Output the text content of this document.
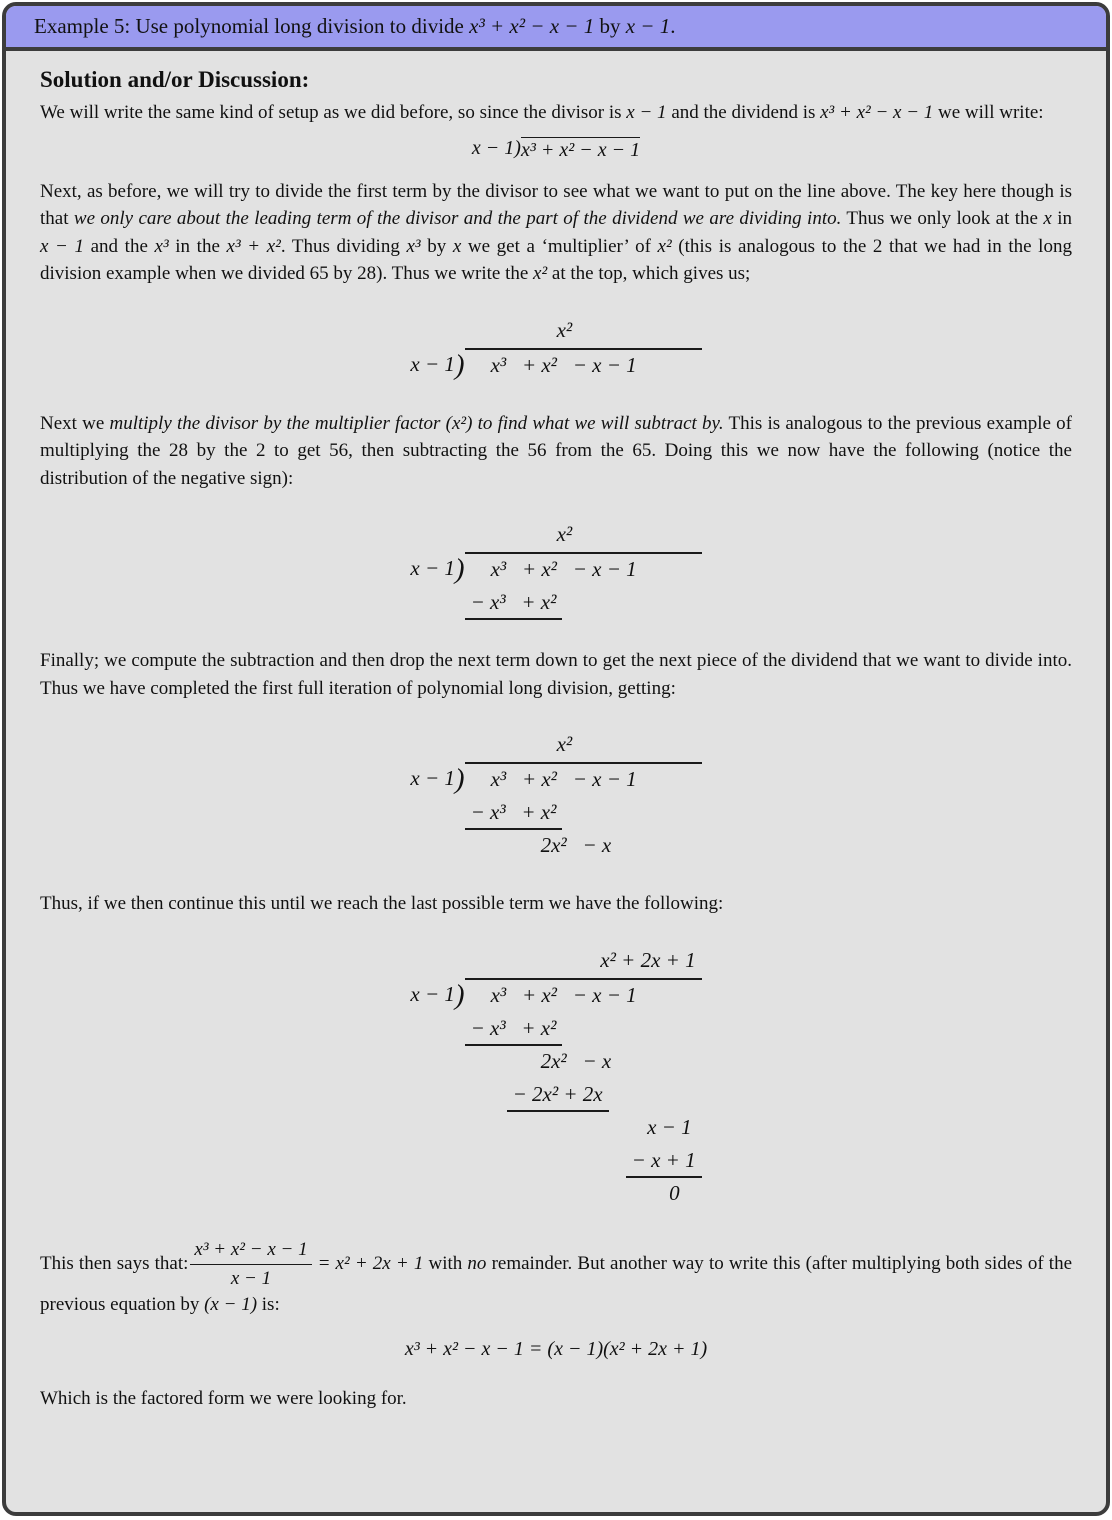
Example 5: Use polynomial long division to divide x³ + x² − x − 1 by x − 1.
Solution and/or Discussion:

We will write the same kind of setup as we did before, so since the divisor is x − 1 and the dividend is x³ + x² − x − 1 we will write:

x − 1) x³ + x² − x − 1

Next, as before, we will try to divide the first term by the divisor to see what we want to put on the line above. The key here though is that we only care about the leading term of the divisor and the part of the dividend we are dividing into. Thus we only look at the x in x − 1 and the x³ in the x³ + x². Thus dividing x³ by x we get a ‘multiplier’ of x² (this is analogous to the 2 that we had in the long division example when we divided 65 by 28). Thus we write the x² at the top, which gives us;

x − 1)
x²
x³   + x²   − x − 1

Next we multiply the divisor by the multiplier factor (x²) to find what we will subtract by. This is analogous to the previous example of multiplying the 28 by the 2 to get 56, then subtracting the 56 from the 65. Doing this we now have the following (notice the distribution of the negative sign):

x − 1)
x²
x³   + x²   − x − 1
− x³   + x²

Finally; we compute the subtraction and then drop the next term down to get the next piece of the dividend that we want to divide into. Thus we have completed the first full iteration of polynomial long division, getting:

x − 1)
x²
x³   + x²   − x − 1
− x³   + x²
2x²   − x

Thus, if we then continue this until we reach the last possible term we have the following:

x − 1)
x² + 2x + 1
x³   + x²   − x − 1
− x³   + x²
2x²   − x
− 2x² + 2x
x − 1
− x + 1
0

This then says that: $\frac{\text{x³ + x² − x − 1}}{x - 1} = x^2 + 2x + 1$ with no remainder. But another way to write this (after multiplying both sides of the previous equation by (x − 1) is:

x³ + x² − x − 1 = (x − 1)(x² + 2x + 1)

Which is the factored form we were looking for.
